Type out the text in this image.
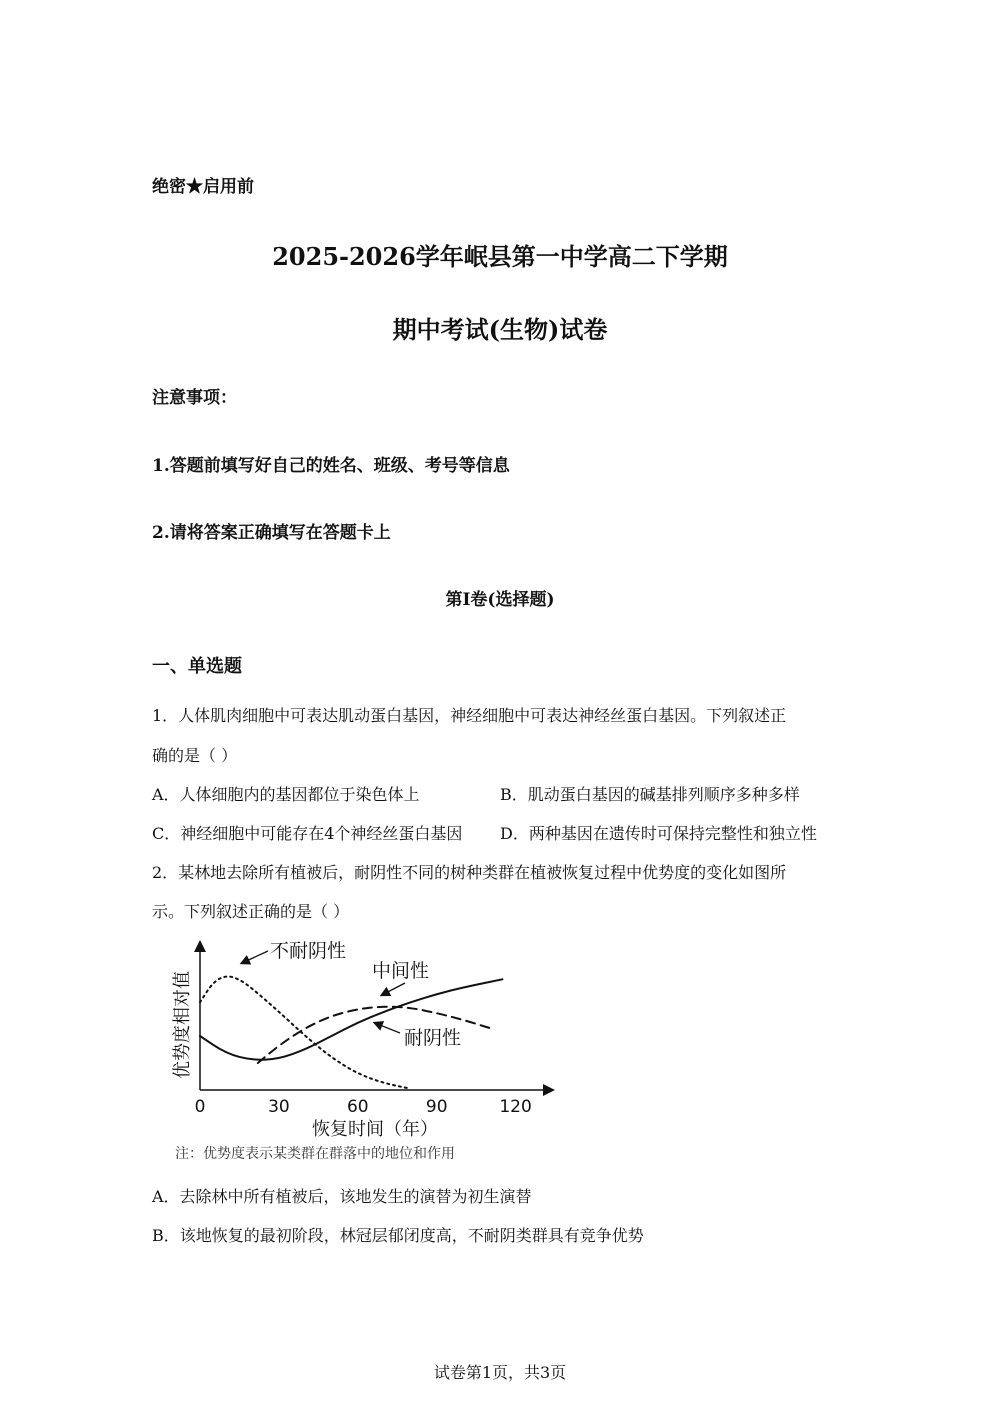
绝密★启用前
2025-2026学年岷县第一中学高二下学期
期中考试(生物)试卷
注意事项：
1.答题前填写好自己的姓名、班级、考号等信息
2.请将答案正确填写在答题卡上
第I卷(选择题)
一、单选题
1．人体肌肉细胞中可表达肌动蛋白基因，神经细胞中可表达神经丝蛋白基因。下列叙述正
确的是（ ）
A．人体细胞内的基因都位于染色体上	B．肌动蛋白基因的碱基排列顺序多种多样
C．神经细胞中可能存在4个神经丝蛋白基因 D．两种基因在遗传时可保持完整性和独立性
2．某林地去除所有植被后，耐阴性不同的树种类群在植被恢复过程中优势度的变化如图所
示。下列叙述正确的是（ ）
0	30	60	90	120
恢复时间（年）
优势度相对值
不耐阴性
中间性
耐阴性
注：优势度表示某类群在群落中的地位和作用
A．去除林中所有植被后，该地发生的演替为初生演替
B．该地恢复的最初阶段，林冠层郁闭度高，不耐阴类群具有竞争优势
试卷第1页，共3页
